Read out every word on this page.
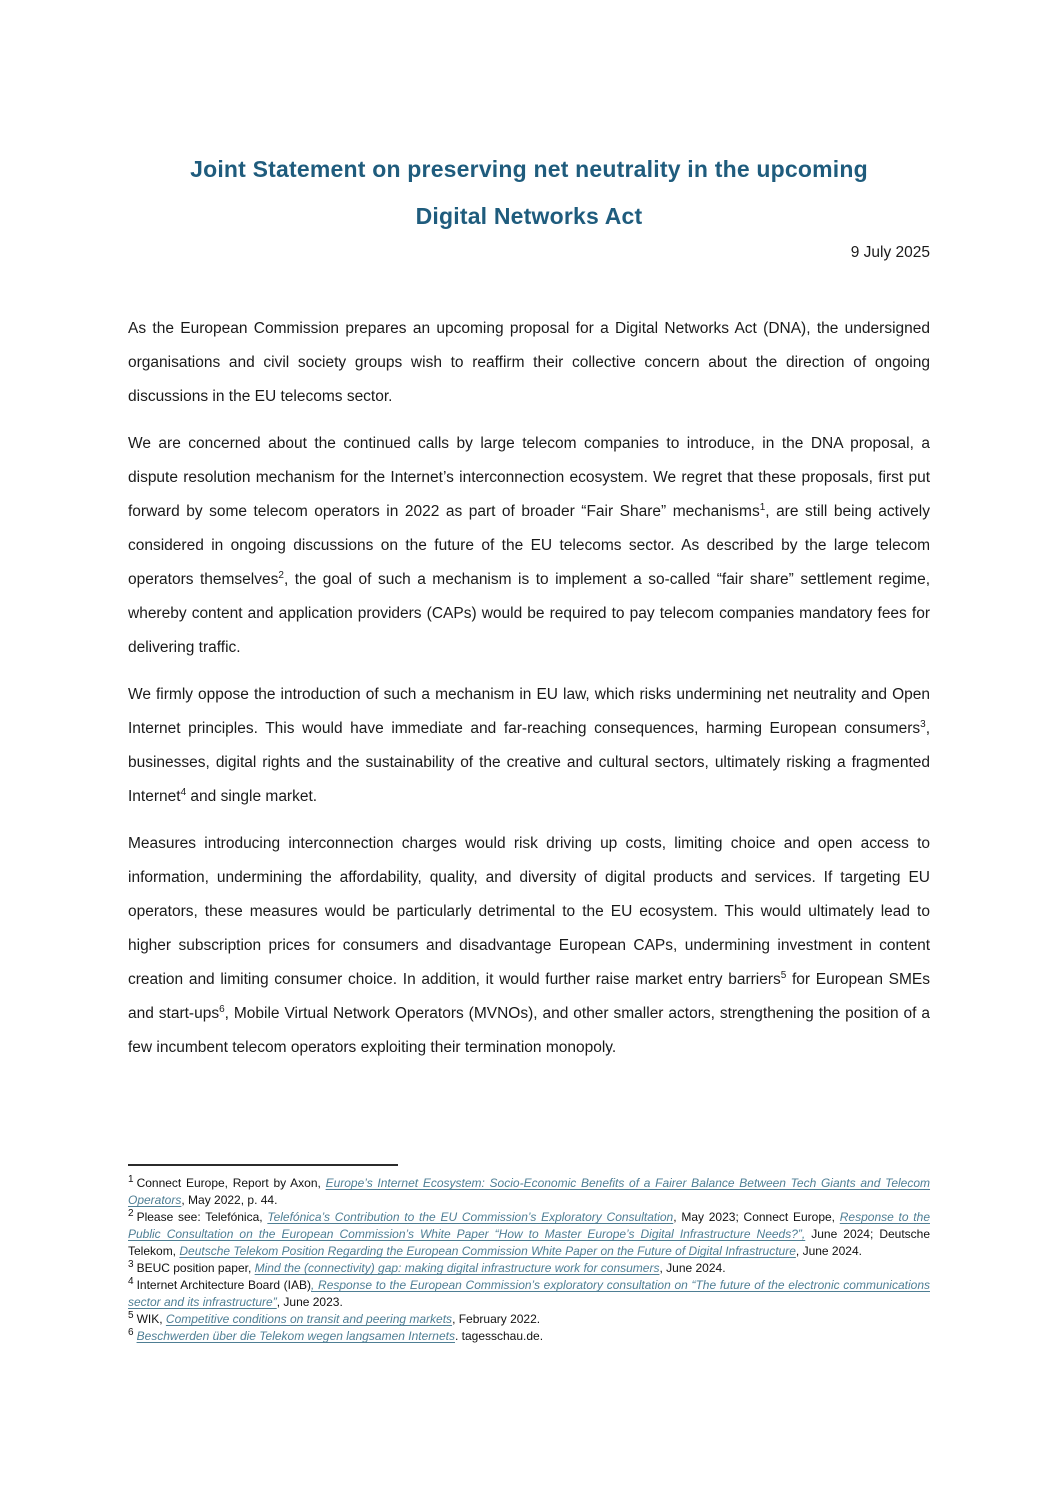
Joint Statement on preserving net neutrality in the upcoming
Digital Networks Act
9 July 2025

As the European Commission prepares an upcoming proposal for a Digital Networks Act (DNA), the undersigned organisations and civil society groups wish to reaffirm their collective concern about the direction of ongoing discussions in the EU telecoms sector.

We are concerned about the continued calls by large telecom companies to introduce, in the DNA proposal, a dispute resolution mechanism for the Internet’s interconnection ecosystem. We regret that these proposals, first put forward by some telecom operators in 2022 as part of broader “Fair Share” mechanisms$^1$, are still being actively considered in ongoing discussions on the future of the EU telecoms sector. As described by the large telecom operators themselves$^2$, the goal of such a mechanism is to implement a so-called “fair share” settlement regime, whereby content and application providers (CAPs) would be required to pay telecom companies mandatory fees for delivering traffic.

We firmly oppose the introduction of such a mechanism in EU law, which risks undermining net neutrality and Open Internet principles. This would have immediate and far-reaching consequences, harming European consumers$^3$, businesses, digital rights and the sustainability of the creative and cultural sectors, ultimately risking a fragmented Internet$^4$ and single market.

Measures introducing interconnection charges would risk driving up costs, limiting choice and open access to information, undermining the affordability, quality, and diversity of digital products and services. If targeting EU operators, these measures would be particularly detrimental to the EU ecosystem. This would ultimately lead to higher subscription prices for consumers and disadvantage European CAPs, undermining investment in content creation and limiting consumer choice. In addition, it would further raise market entry barriers$^5$ for European SMEs and start-ups$^6$, Mobile Virtual Network Operators (MVNOs), and other smaller actors, strengthening the position of a few incumbent telecom operators exploiting their termination monopoly.

$^1$ Connect Europe, Report by Axon, Europe’s Internet Ecosystem: Socio-Economic Benefits of a Fairer Balance Between Tech Giants and Telecom Operators, May 2022, p. 44.
$^2$ Please see: Telefónica, Telefónica’s Contribution to the EU Commission’s Exploratory Consultation, May 2023; Connect Europe, Response to the Public Consultation on the European Commission’s White Paper “How to Master Europe’s Digital Infrastructure Needs?”, June 2024; Deutsche Telekom, Deutsche Telekom Position Regarding the European Commission White Paper on the Future of Digital Infrastructure, June 2024.
$^3$ BEUC position paper, Mind the (connectivity) gap: making digital infrastructure work for consumers, June 2024.
$^4$ Internet Architecture Board (IAB), Response to the European Commission’s exploratory consultation on “The future of the electronic communications sector and its infrastructure”, June 2023.
$^5$ WIK, Competitive conditions on transit and peering markets, February 2022.
$^6$ Beschwerden über die Telekom wegen langsamen Internets. tagesschau.de.
